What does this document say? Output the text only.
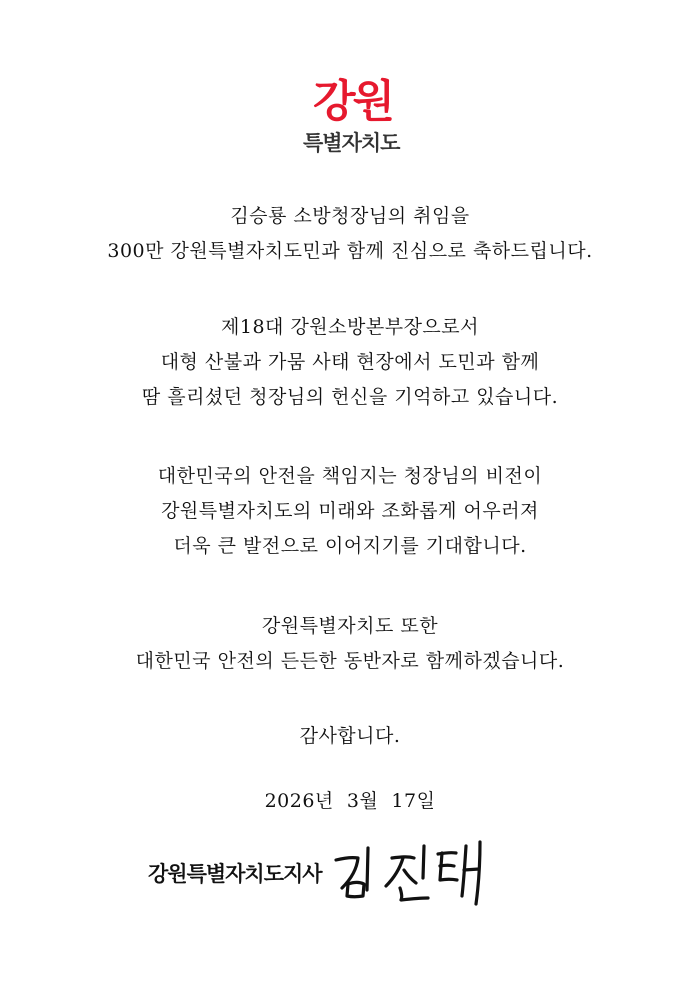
강원
특별자치도
김승룡 소방청장님의 취임을
300만 강원특별자치도민과 함께 진심으로 축하드립니다.
제18대 강원소방본부장으로서
대형 산불과 가뭄 사태 현장에서 도민과 함께
땀 흘리셨던 청장님의 헌신을 기억하고 있습니다.
대한민국의 안전을 책임지는 청장님의 비전이
강원특별자치도의 미래와 조화롭게 어우러져
더욱 큰 발전으로 이어지기를 기대합니다.
강원특별자치도 또한
대한민국 안전의 든든한 동반자로 함께하겠습니다.
감사합니다.
2026년  3월  17일
강원특별자치도지사
